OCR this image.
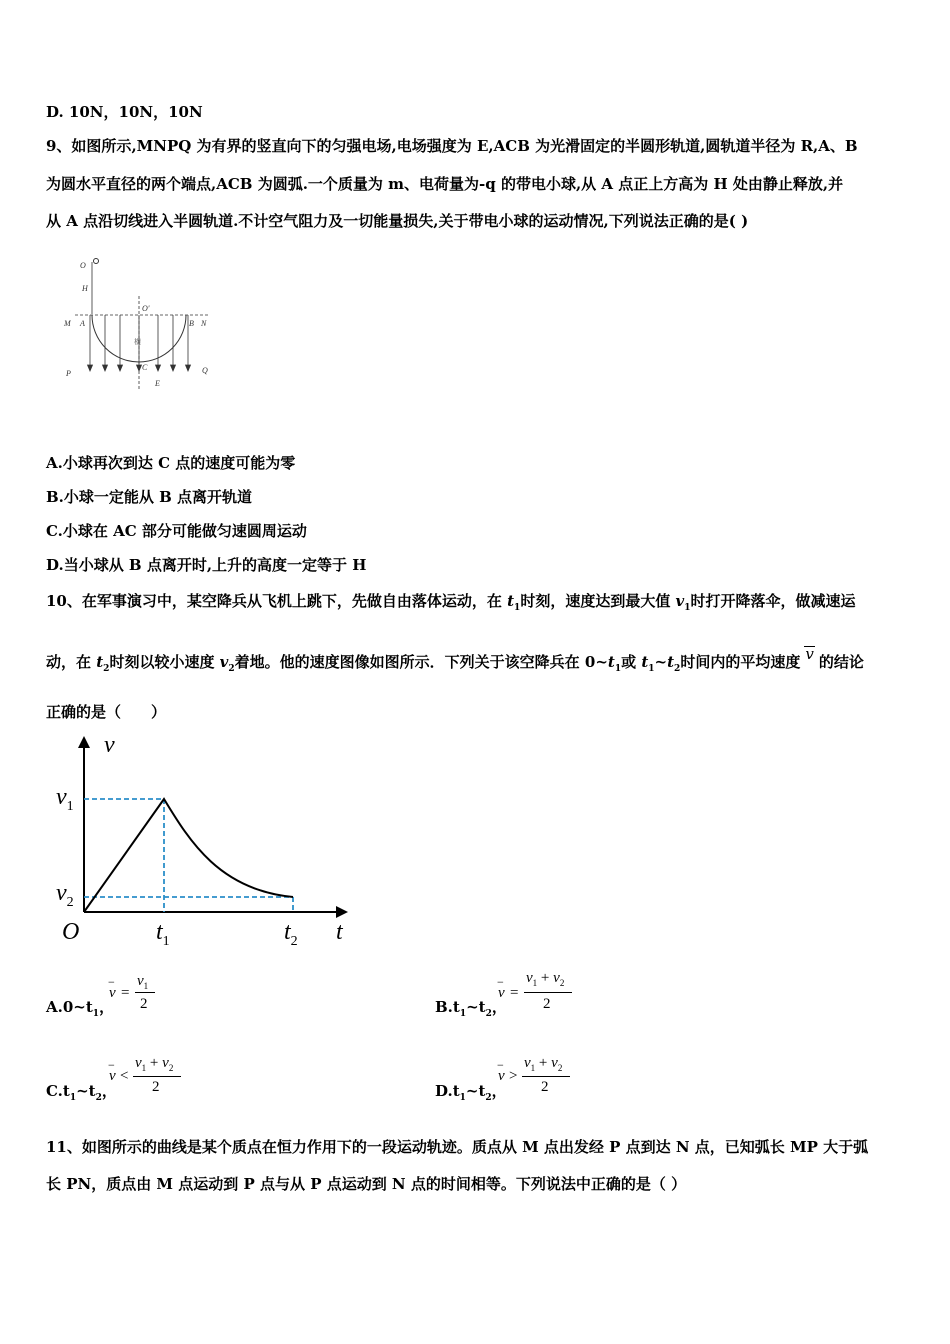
D. 10N，10N，10N
9、如图所示,MNPQ 为有界的竖直向下的匀强电场,电场强度为 E,ACB 为光滑固定的半圆形轨道,圆轨道半径为 R,A、B
为圆水平直径的两个端点,ACB 为圆弧.一个质量为 m、电荷量为-q 的带电小球,从 A 点正上方高为 H 处由静止释放,并
从 A 点沿切线进入半圆轨道.不计空气阻力及一切能量损失,关于带电小球的运动情况,下列说法正确的是( )
O
H
O'
M A	B N
P
C
E
Q
横
A.小球再次到达 C 点的速度可能为零
B.小球一定能从 B 点离开轨道
C.小球在 AC 部分可能做匀速圆周运动
D.当小球从 B 点离开时,上升的高度一定等于 H
10、在军事演习中，某空降兵从飞机上跳下，先做自由落体运动，在 $t_1$时刻，速度达到最大值 $v_1$时打开降落伞，做减速运
动，在 $t_2$时刻以较小速度 $v_2$着地。他的速度图像如图所示．下列关于该空降兵在 $0\sim t_1$或 $t_1\sim t_2$时间内的平均速度 v 的结论
正确的是（　　）
v
$v_1$
$v_2$
O	$t_1$	$t_2$ t
$A.0\sim t_1$，
−
v =
$v_1$
2	$B.t_1\sim t_2$，
−
v =
$v_1 + v_2$
2
$C.t_1\sim t_2$，
−
v <
$v_1 + v_2$
2	$D.t_1\sim t_2$，
−
v >
$v_1 + v_2$
2
11、如图所示的曲线是某个质点在恒力作用下的一段运动轨迹。质点从 M 点出发经 P 点到达 N 点，已知弧长 MP 大于弧
长 PN，质点由 M 点运动到 P 点与从 P 点运动到 N 点的时间相等。下列说法中正确的是（ ）
